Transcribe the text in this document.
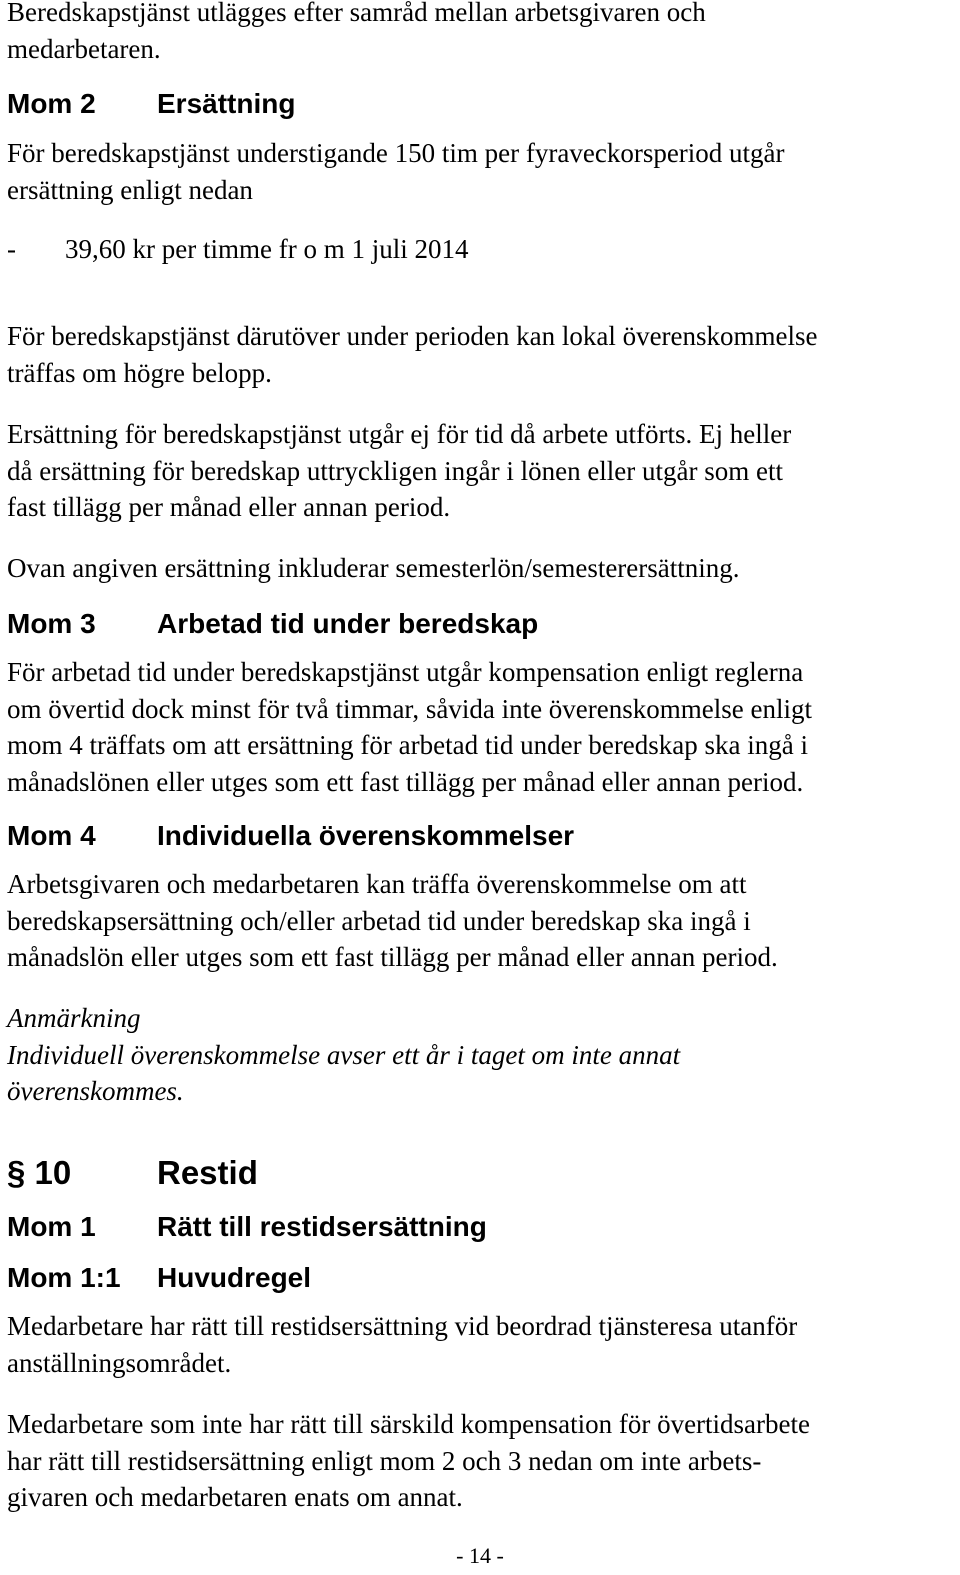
Beredskapstjänst utlägges efter samråd mellan arbetsgivaren och
medarbetaren.

Mom 2 Ersättning

För beredskapstjänst understigande 150 tim per fyraveckorsperiod utgår
ersättning enligt nedan

- 39,60 kr per timme fr o m 1 juli 2014

För beredskapstjänst därutöver under perioden kan lokal överenskommelse
träffas om högre belopp.

Ersättning för beredskapstjänst utgår ej för tid då arbete utförts. Ej heller
då ersättning för beredskap uttryckligen ingår i lönen eller utgår som ett
fast tillägg per månad eller annan period.

Ovan angiven ersättning inkluderar semesterlön/semesterersättning.

Mom 3 Arbetad tid under beredskap

För arbetad tid under beredskapstjänst utgår kompensation enligt reglerna
om övertid dock minst för två timmar, såvida inte överenskommelse enligt
mom 4 träffats om att ersättning för arbetad tid under beredskap ska ingå i
månadslönen eller utges som ett fast tillägg per månad eller annan period.

Mom 4 Individuella överenskommelser

Arbetsgivaren och medarbetaren kan träffa överenskommelse om att
beredskapsersättning och/eller arbetad tid under beredskap ska ingå i
månadslön eller utges som ett fast tillägg per månad eller annan period.

Anmärkning
Individuell överenskommelse avser ett år i taget om inte annat
överenskommes.

§ 10	Restid
Mom 1 Rätt till restidsersättning
Mom 1:1 Huvudregel

Medarbetare har rätt till restidsersättning vid beordrad tjänsteresa utanför
anställningsområdet.

Medarbetare som inte har rätt till särskild kompensation för övertidsarbete
har rätt till restidsersättning enligt mom 2 och 3 nedan om inte arbets-
givaren och medarbetaren enats om annat.

- 14 -
